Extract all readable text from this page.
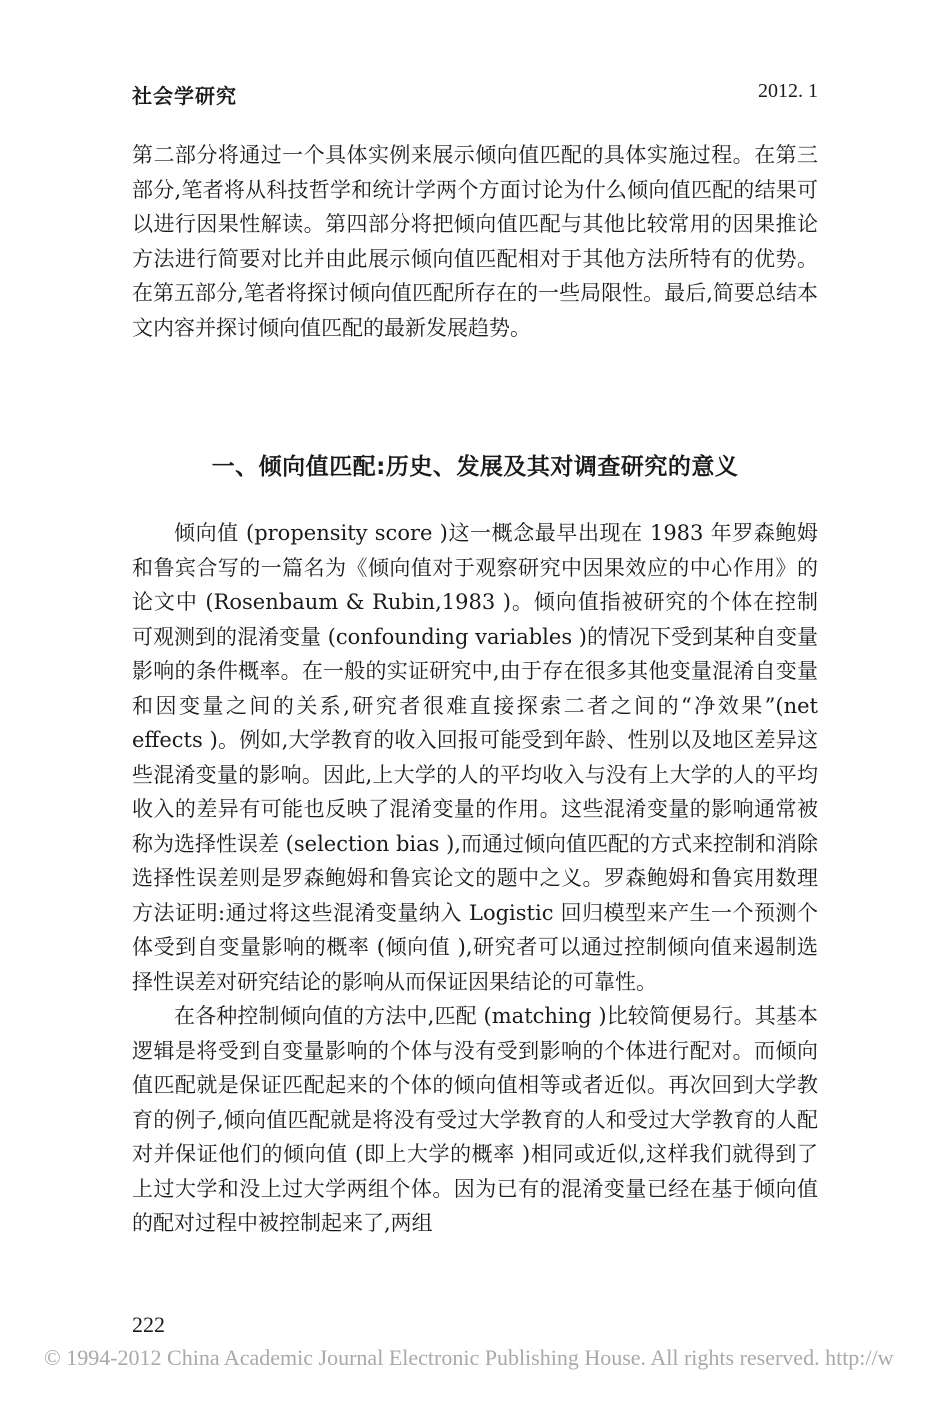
社会学研究	2012. 1

第二部分将通过一个具体实例来展示倾向值匹配的具体实施过程。在第三部分,笔者将从科技哲学和统计学两个方面讨论为什么倾向值匹配的结果可以进行因果性解读。第四部分将把倾向值匹配与其他比较常用的因果推论方法进行简要对比并由此展示倾向值匹配相对于其他方法所特有的优势。在第五部分,笔者将探讨倾向值匹配所存在的一些局限性。最后,简要总结本文内容并探讨倾向值匹配的最新发展趋势。

一、倾向值匹配:历史、发展及其对调查研究的意义

倾向值 (propensity score )这一概念最早出现在 1983 年罗森鲍姆和鲁宾合写的一篇名为《倾向值对于观察研究中因果效应的中心作用》的论文中 (Rosenbaum & Rubin,1983 )。倾向值指被研究的个体在控制可观测到的混淆变量 (confounding variables )的情况下受到某种自变量影响的条件概率。在一般的实证研究中,由于存在很多其他变量混淆自变量和因变量之间的关系,研究者很难直接探索二者之间的“净效果”(net effects )。例如,大学教育的收入回报可能受到年龄、性别以及地区差异这些混淆变量的影响。因此,上大学的人的平均收入与没有上大学的人的平均收入的差异有可能也反映了混淆变量的作用。这些混淆变量的影响通常被称为选择性误差 (selection bias ),而通过倾向值匹配的方式来控制和消除选择性误差则是罗森鲍姆和鲁宾论文的题中之义。罗森鲍姆和鲁宾用数理方法证明:通过将这些混淆变量纳入 Logistic 回归模型来产生一个预测个体受到自变量影响的概率 (倾向值 ),研究者可以通过控制倾向值来遏制选择性误差对研究结论的影响从而保证因果结论的可靠性。

在各种控制倾向值的方法中,匹配 (matching )比较简便易行。其基本逻辑是将受到自变量影响的个体与没有受到影响的个体进行配对。而倾向值匹配就是保证匹配起来的个体的倾向值相等或者近似。再次回到大学教育的例子,倾向值匹配就是将没有受过大学教育的人和受过大学教育的人配对并保证他们的倾向值 (即上大学的概率 )相同或近似,这样我们就得到了上过大学和没上过大学两组个体。因为已有的混淆变量已经在基于倾向值的配对过程中被控制起来了,两组

222
© 1994-2012 China Academic Journal Electronic Publishing House. All rights reserved. http://w
